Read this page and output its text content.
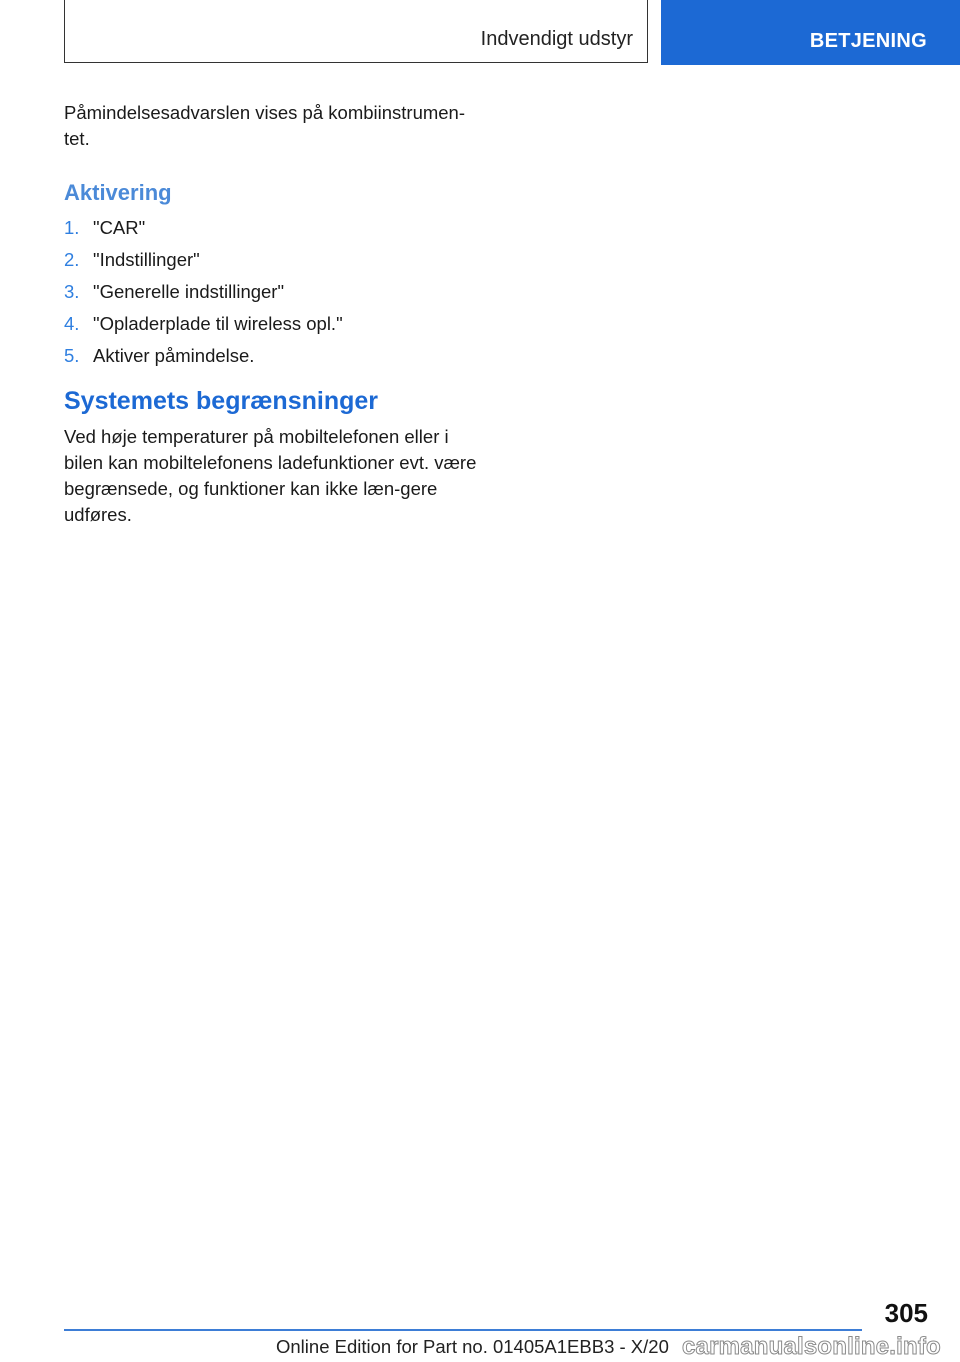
Indvendigt udstyr	BETJENING

Påmindelsesadvarslen vises på kombiinstrumen‐tet.

Aktivering
1. "CAR"
2. "Indstillinger"
3. "Generelle indstillinger"
4. "Opladerplade til wireless opl."
5. Aktiver påmindelse.
Systemets begrænsninger

Ved høje temperaturer på mobiltelefonen eller i bilen kan mobiltelefonens ladefunktioner evt. være begrænsede, og funktioner kan ikke læn‐gere udføres.

305
Online Edition for Part no. 01405A1EBB3 - X/20 carmanualsonline.info
